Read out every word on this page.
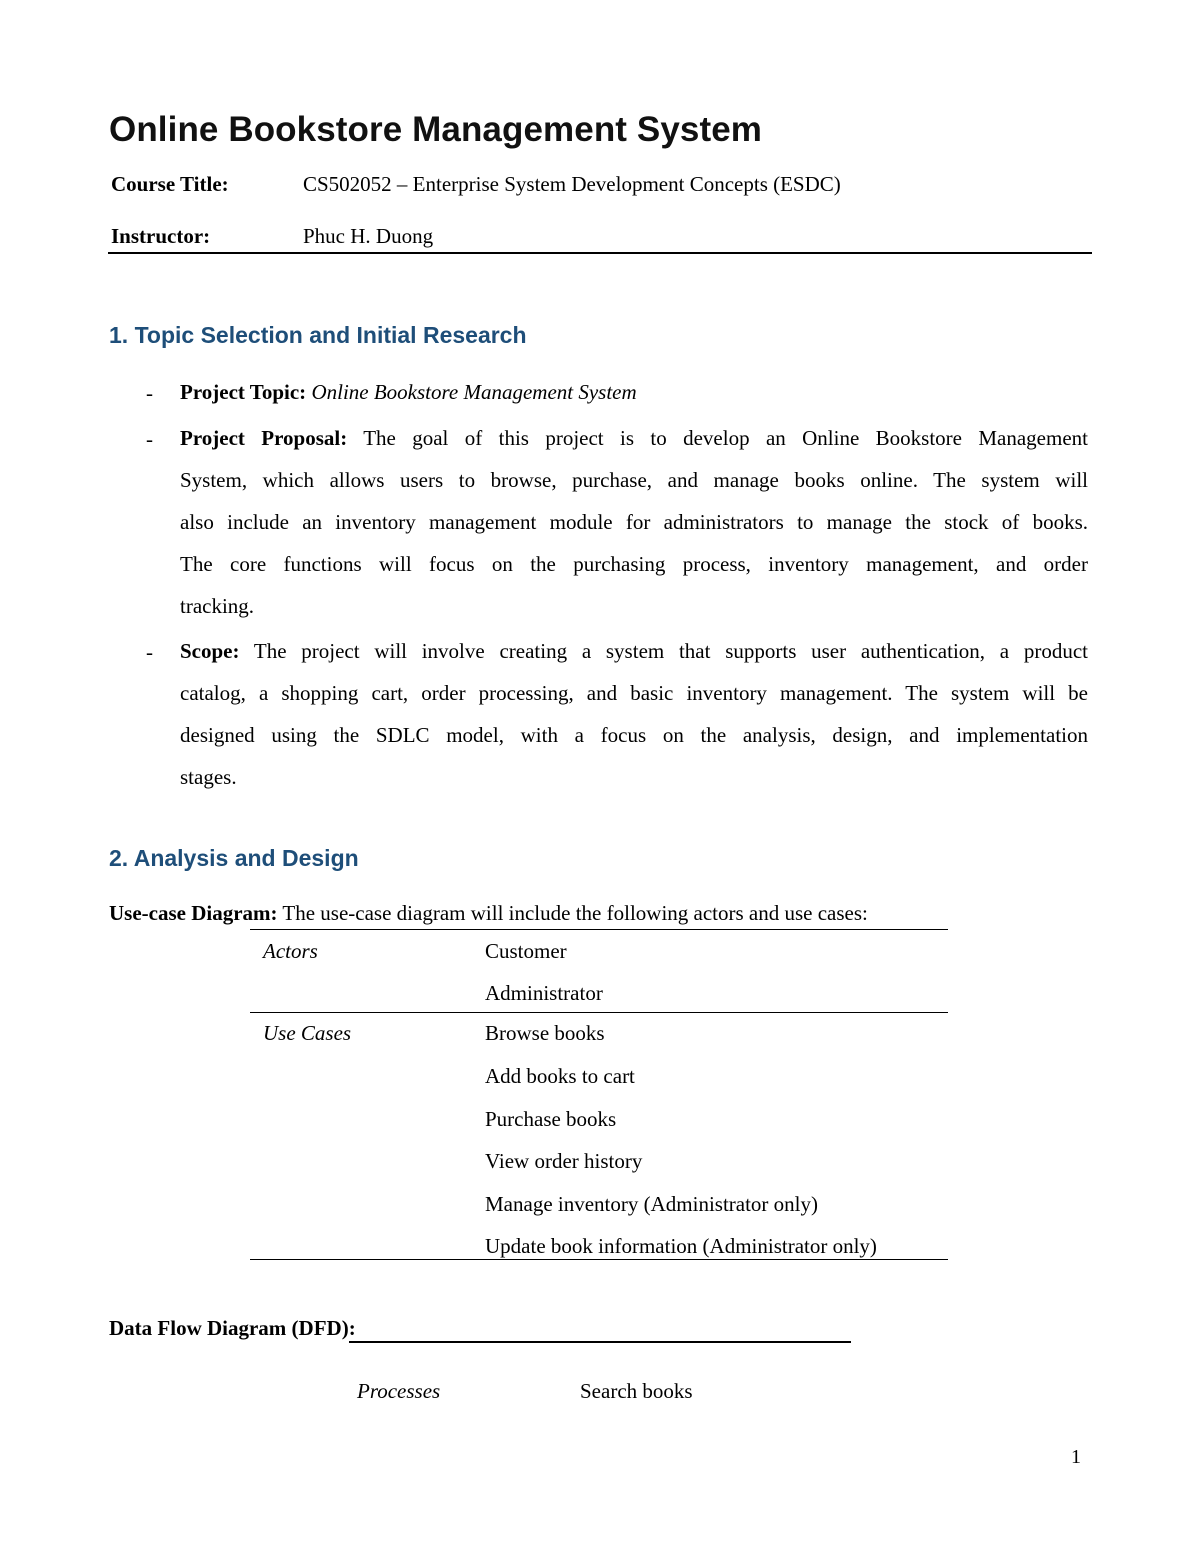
Online Bookstore Management System
Course Title:	CS502052 – Enterprise System Development Concepts (ESDC)
Instructor:	Phuc H. Duong
1. Topic Selection and Initial Research
- Project Topic: Online Bookstore Management System
- Project Proposal: The goal of this project is to develop an Online Bookstore Management
System, which allows users to browse, purchase, and manage books online. The system will
also include an inventory management module for administrators to manage the stock of books.
The core functions will focus on the purchasing process, inventory management, and order
tracking.
- Scope: The project will involve creating a system that supports user authentication, a product
catalog, a shopping cart, order processing, and basic inventory management. The system will be
designed using the SDLC model, with a focus on the analysis, design, and implementation
stages.
2. Analysis and Design
Use-case Diagram: The use-case diagram will include the following actors and use cases:
Actors	Customer
Administrator
Use Cases	Browse books
Add books to cart
Purchase books
View order history
Manage inventory (Administrator only)
Update book information (Administrator only)
Data Flow Diagram (DFD):
Processes	Search books
1
